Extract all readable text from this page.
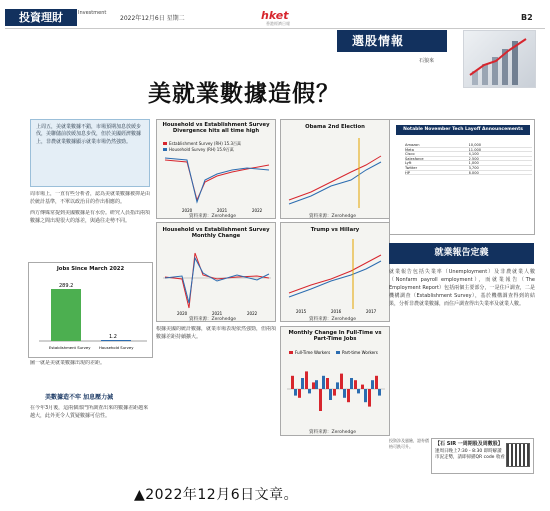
投資理財	Investment
2022年12月6日 星期二	hket
香港經濟日報
B2
選股情報
石狼來
美就業數據造假？
上周五，美就業數據不錯，市場預期加息放緩步伐，美聯儲前放緩加息步伐，但於美國經濟數據上，非農就業數據顯示就業市場仍然強勁。
周市場上，一直有些分析者，認為美就業數據被抑是由於統計基準，不單以政治目的作出相應的。
西方傳媒常提到美國數據是有水份。研究人員指出兩項數據之間出現很大的落差，與過往走勢不同。
Jobs Since March 2022
289.2
Establishment Survey
1.2
Household Survey
圖一就是美就業數據出現的差距。
美數據造不牢 加息壓力減
在今年3月後，這兩個部門所調查出來的數據差距越來越大，此外更令人質疑數據可信性。
Household vs Establishment Survey Divergence hits all time high
Establishment Survey (RH) 15.3百萬
Household Survey (RH) 15.9百萬
2020	2021	2022
資料來源：Zerohedge
Household vs Establishment Survey Monthly Change
2020	2021	2022
資料來源：Zerohedge
根據美國的統計數據，就業市場表現依然強勁，但兩項數據差距持續擴大。
Obama 2nd Election
資料來源：Zerohedge
Trump vs Hillary
2015	2016	2017
資料來源：Zerohedge
Monthly Change In Full-Time vs Part-Time Jobs
Full-Time Workers	Part-time Workers
資料來源：Zerohedge
Notable November Tech Layoff Announcements
Amazon	10,000
Meta	11,000
Cisco	4,100
Salesforce	2,500
Lyft	1,000
Twitter	3,700
HP	6,000
就業報告定義
就業報告包括失業率（Unemployment）及非農就業人數（Nonfarm payroll employment），而就業報告（The Employment Report）包括兩個主要部分，一是住戶調查，二是機構調查（Establishment Survey），基於機構調查得到的結果，分析非農就業數據，而住戶調查得出失業率及就業人數。
投資涉及風險，證券價格可跌可升。	【石 SIR 一周期股及周數股】
逢周日晚上7:30 - 8:30 即時解讀市況走勢，請即掃描QR code 收看
▲2022年12月6日文章。
